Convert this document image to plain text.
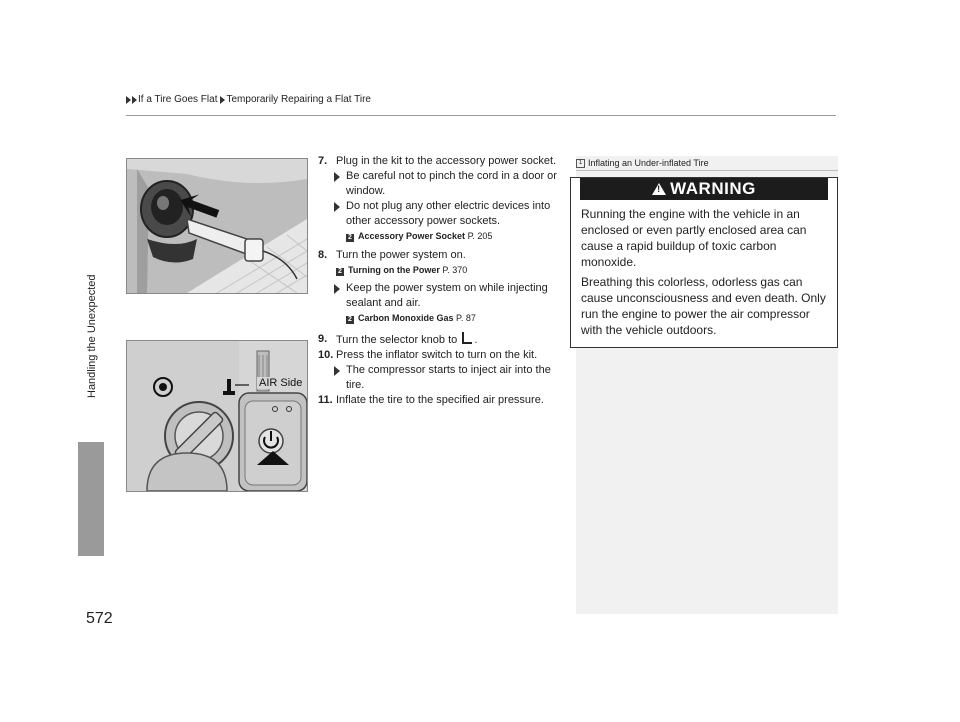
If a Tire Goes Flat Temporarily Repairing a Flat Tire
Handling the Unexpected
572
AIR Side
7. Plug in the kit to the accessory power socket.
Be careful not to pinch the cord in a door or window.
Do not plug any other electric devices into other accessory power sockets.
2 Accessory Power Socket P. 205
8. Turn the power system on.
2 Turning on the Power P. 370
Keep the power system on while injecting sealant and air.
2 Carbon Monoxide Gas P. 87
9. Turn the selector knob to .
10. Press the inflator switch to turn on the kit.
The compressor starts to inject air into the tire.
11. Inflate the tire to the specified air pressure.
1 Inflating an Under-inflated Tire
!
WARNING
Running the engine with the vehicle in an enclosed or even partly enclosed area can cause a rapid buildup of toxic carbon monoxide.
Breathing this colorless, odorless gas can cause unconsciousness and even death. Only run the engine to power the air compressor with the vehicle outdoors.
